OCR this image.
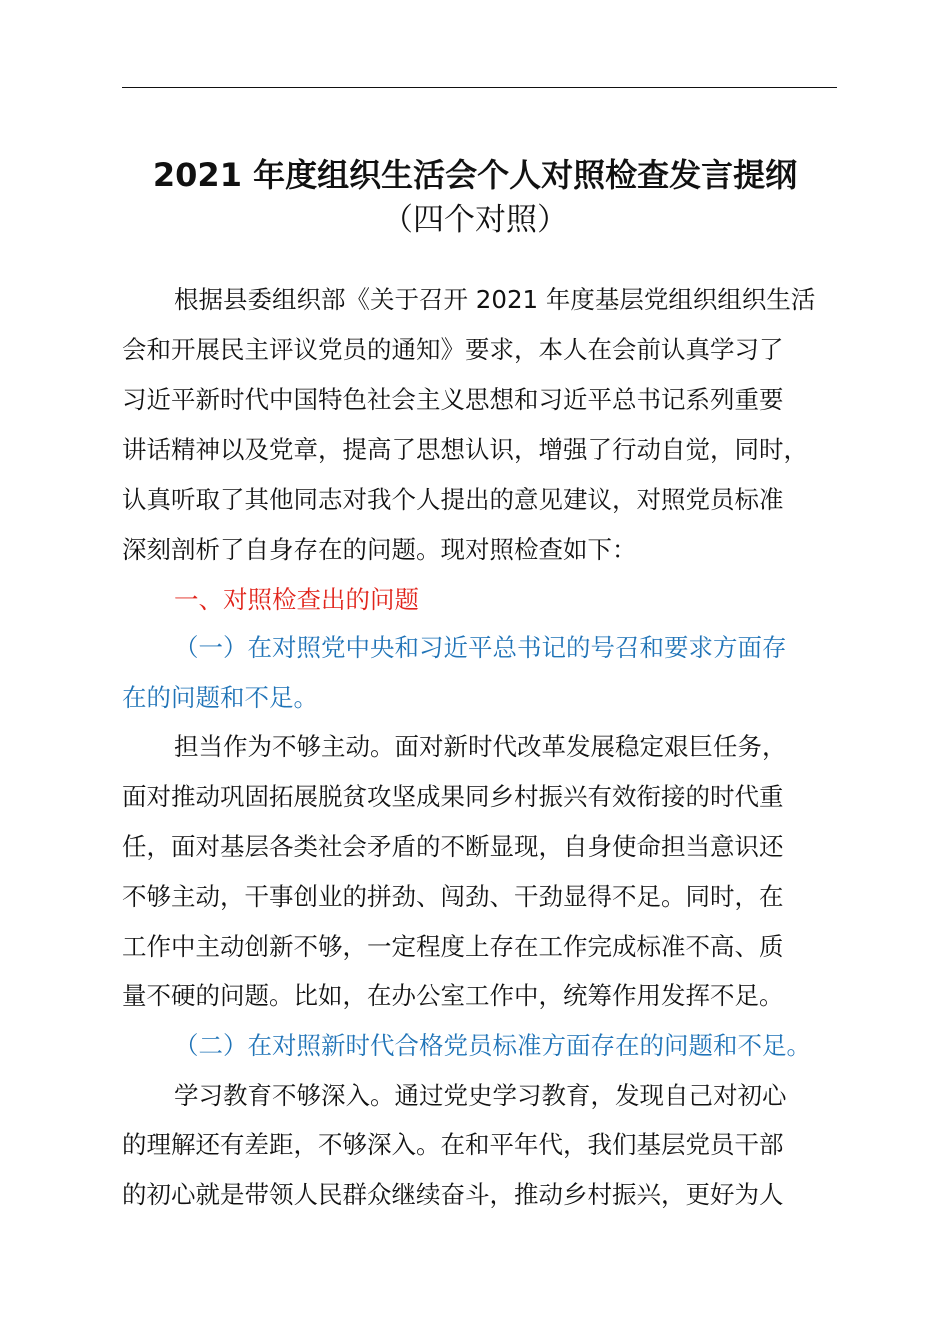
2021 年度组织生活会个人对照检查发言提纲
（四个对照）
根据县委组织部《关于召开 2021 年度基层党组织组织生活
会和开展民主评议党员的通知》要求，本人在会前认真学习了
习近平新时代中国特色社会主义思想和习近平总书记系列重要
讲话精神以及党章，提高了思想认识，增强了行动自觉，同时，
认真听取了其他同志对我个人提出的意见建议，对照党员标准
深刻剖析了自身存在的问题。现对照检查如下：
一、对照检查出的问题
（一）在对照党中央和习近平总书记的号召和要求方面存
在的问题和不足。
担当作为不够主动。面对新时代改革发展稳定艰巨任务，
面对推动巩固拓展脱贫攻坚成果同乡村振兴有效衔接的时代重
任，面对基层各类社会矛盾的不断显现，自身使命担当意识还
不够主动，干事创业的拼劲、闯劲、干劲显得不足。同时，在
工作中主动创新不够，一定程度上存在工作完成标准不高、质
量不硬的问题。比如，在办公室工作中，统筹作用发挥不足。
（二）在对照新时代合格党员标准方面存在的问题和不足。
学习教育不够深入。通过党史学习教育，发现自己对初心
的理解还有差距，不够深入。在和平年代，我们基层党员干部
的初心就是带领人民群众继续奋斗，推动乡村振兴，更好为人
